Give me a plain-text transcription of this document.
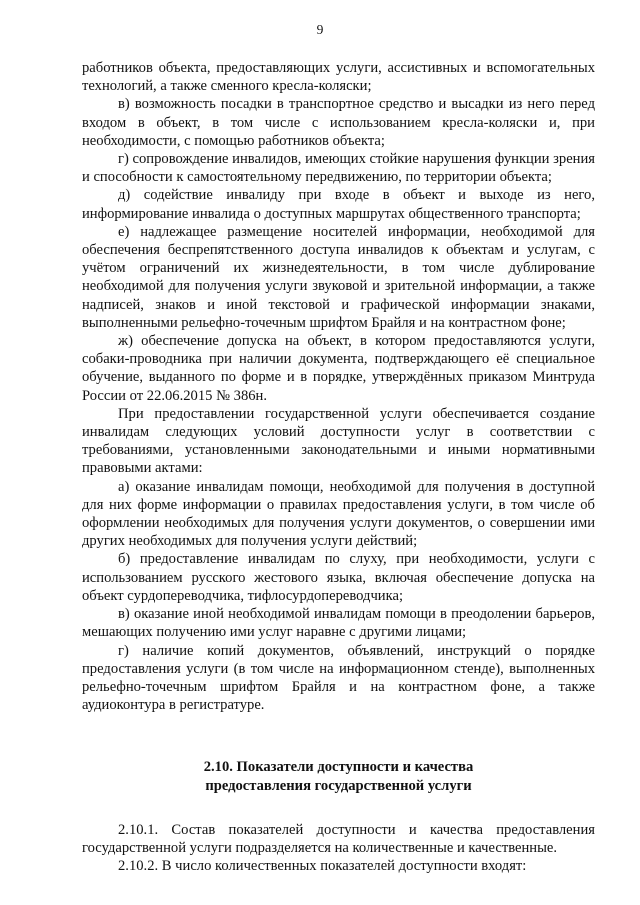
9

работников объекта, предоставляющих услуги, ассистивных и вспомогательных технологий, а также сменного кресла-коляски;

в) возможность посадки в транспортное средство и высадки из него перед входом в объект, в том числе с использованием кресла-коляски и, при необходимости, с помощью работников объекта;

г) сопровождение инвалидов, имеющих стойкие нарушения функции зрения и способности к самостоятельному передвижению, по территории объекта;

д) содействие инвалиду при входе в объект и выходе из него, информирование инвалида о доступных маршрутах общественного транспорта;

е) надлежащее размещение носителей информации, необходимой для обеспечения беспрепятственного доступа инвалидов к объектам и услугам, с учётом ограничений их жизнедеятельности, в том числе дублирование необходимой для получения услуги звуковой и зрительной информации, а также надписей, знаков и иной текстовой и графической информации знаками, выполненными рельефно-точечным шрифтом Брайля и на контрастном фоне;

ж) обеспечение допуска на объект, в котором предоставляются услуги, собаки-проводника при наличии документа, подтверждающего её специальное обучение, выданного по форме и в порядке, утверждённых приказом Минтруда России от 22.06.2015 № 386н.

При предоставлении государственной услуги обеспечивается создание инвалидам следующих условий доступности услуг в соответствии с требованиями, установленными законодательными и иными нормативными правовыми актами:

а) оказание инвалидам помощи, необходимой для получения в доступной для них форме информации о правилах предоставления услуги, в том числе об оформлении необходимых для получения услуги документов, о совершении ими других необходимых для получения услуги действий;

б) предоставление инвалидам по слуху, при необходимости, услуги с использованием русского жестового языка, включая обеспечение допуска на объект сурдопереводчика, тифлосурдопереводчика;

в) оказание иной необходимой инвалидам помощи в преодолении барьеров, мешающих получению ими услуг наравне с другими лицами;

г) наличие копий документов, объявлений, инструкций о порядке предоставления услуги (в том числе на информационном стенде), выполненных рельефно-точечным шрифтом Брайля и на контрастном фоне, а также аудиоконтура в регистратуре.

2.10. Показатели доступности и качества
предоставления государственной услуги

2.10.1. Состав показателей доступности и качества предоставления государственной услуги подразделяется на количественные и качественные.

2.10.2. В число количественных показателей доступности входят:
